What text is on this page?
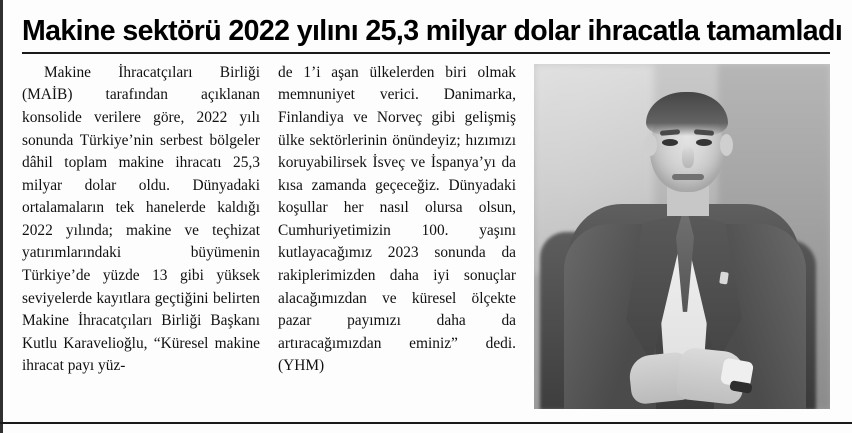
Makine sektörü 2022 yılını 25,3 milyar dolar ihracatla tamamladı

Makine İhracatçıları Birliği (MAİB) tarafından açıklanan konsolide verilere göre, 2022 yılı sonunda Türkiye’nin serbest bölgeler dâhil toplam makine ihracatı 25,3 milyar dolar oldu. Dünyadaki ortalamaların tek hanelerde kaldığı 2022 yılında; makine ve teçhizat yatırımlarındaki büyümenin Türkiye’de yüzde 13 gibi yüksek seviyelerde kayıtlara geçtiğini belirten Makine İhracatçıları Birliği Başkanı Kutlu Karavelioğlu, “Küresel makine ihracat payı yüz-

de 1’i aşan ülkelerden biri olmak memnuniyet verici. Danimarka, Finlandiya ve Norveç gibi gelişmiş ülke sektörlerinin önündeyiz; hızımızı koruyabilirsek İsveç ve İspanya’yı da kısa zamanda geçeceğiz. Dünyadaki koşullar her nasıl olursa olsun, Cumhuriyetimizin 100. yaşını kutlayacağımız 2023 sonunda da rakiplerimizden daha iyi sonuçlar alacağımızdan ve küresel ölçekte pazar payımızı daha da artıracağımızdan eminiz” dedi. (YHM)
